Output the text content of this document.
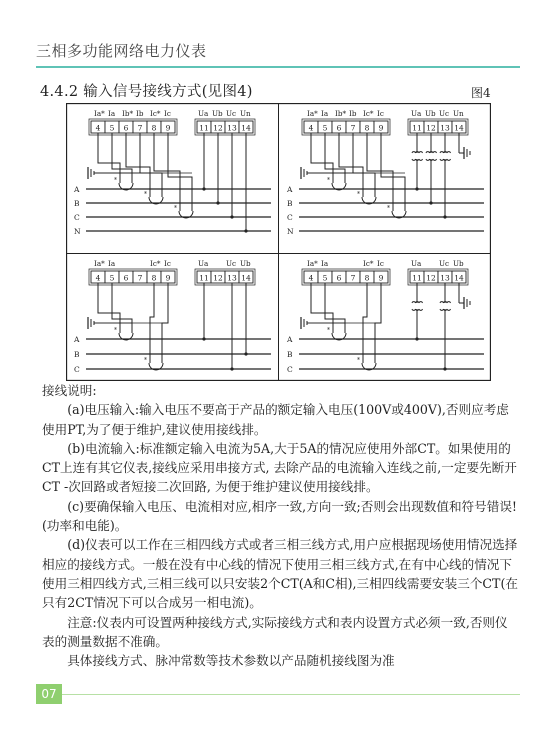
三相多功能网络电力仪表
4.4.2 输入信号接线方式(见图4)	图4
4 5 6 7 8 9	11 12 13 14
Ia* Ia Ib* Ib Ic* Ic	Ua Ub Uc Un
A
B
C
N
*
*
*
4 5 6 7 8 9	11 12 13 14
Ia* Ia Ib* Ib Ic* Ic	Ua Ub Uc Un
A
B
C
N
*
*
*
4 5 6 7 8 9	11 12 13 14
Ia* Ia	Ic* Ic	Ua Uc Ub
A
B
C
*
*
4 5 6 7 8 9	11 12 13 14
Ia* Ia	Ic* Ic	Ua Uc Ub
A
B
C
*
*

接线说明:

(a)电压输入:输入电压不要高于产品的额定输入电压(100V或400V),否则应考虑使用PT,为了便于维护,建议使用接线排。

(b)电流输入:标准额定输入电流为5A,大于5A的情况应使用外部CT。如果使用的CT上连有其它仪表,接线应采用串接方式, 去除产品的电流输入连线之前,一定要先断开CT -次回路或者短接二次回路, 为便于维护建议使用接线排。

(c)要确保输入电压、电流相对应,相序一致,方向一致;否则会出现数值和符号错误!(功率和电能)。

(d)仪表可以工作在三相四线方式或者三相三线方式,用户应根据现场使用情况选择相应的接线方式。一般在没有中心线的情况下使用三相三线方式,在有中心线的情况下使用三相四线方式,三相三线可以只安装2个CT(A和C相),三相四线需要安装三个CT(在只有2CT情况下可以合成另一相电流)。

注意:仪表内可设置两种接线方式,实际接线方式和表内设置方式必须一致,否则仪表的测量数据不准确。

具体接线方式、脉冲常数等技术参数以产品随机接线图为准

07
